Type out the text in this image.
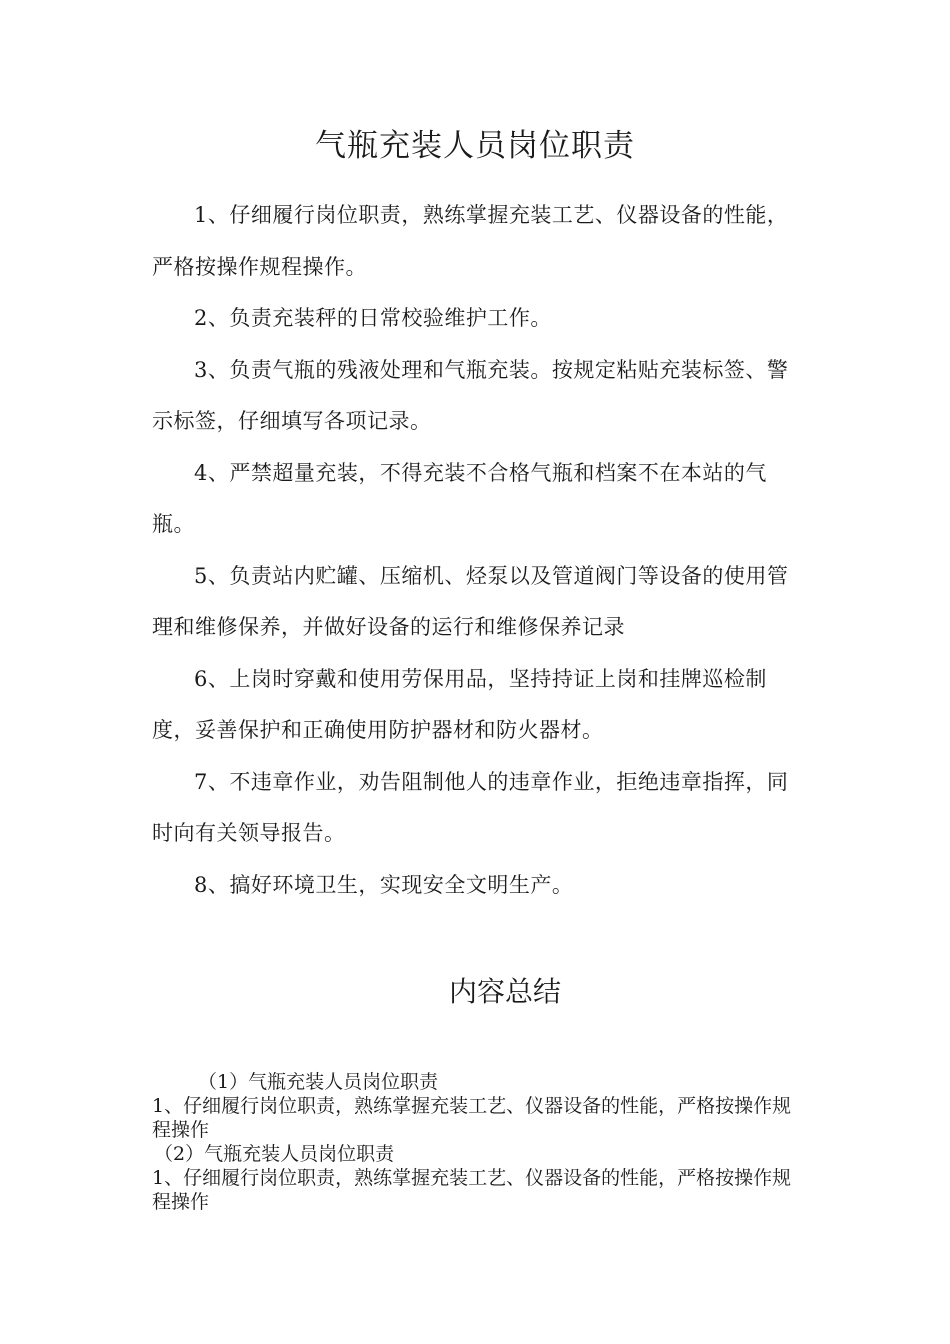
气瓶充装人员岗位职责

1、仔细履行岗位职责，熟练掌握充装工艺、仪器设备的性能，严格按操作规程操作。

2、负责充装秤的日常校验维护工作。

3、负责气瓶的残液处理和气瓶充装。按规定粘贴充装标签、警示标签，仔细填写各项记录。

4、严禁超量充装，不得充装不合格气瓶和档案不在本站的气瓶。

5、负责站内贮罐、压缩机、烃泵以及管道阀门等设备的使用管理和维修保养，并做好设备的运行和维修保养记录

6、上岗时穿戴和使用劳保用品，坚持持证上岗和挂牌巡检制度，妥善保护和正确使用防护器材和防火器材。

7、不违章作业，劝告阻制他人的违章作业，拒绝违章指挥，同时向有关领导报告。

8、搞好环境卫生，实现安全文明生产。

内容总结

（1）气瓶充装人员岗位职责

1、仔细履行岗位职责，熟练掌握充装工艺、仪器设备的性能，严格按操作规程操作

（2）气瓶充装人员岗位职责

1、仔细履行岗位职责，熟练掌握充装工艺、仪器设备的性能，严格按操作规程操作
